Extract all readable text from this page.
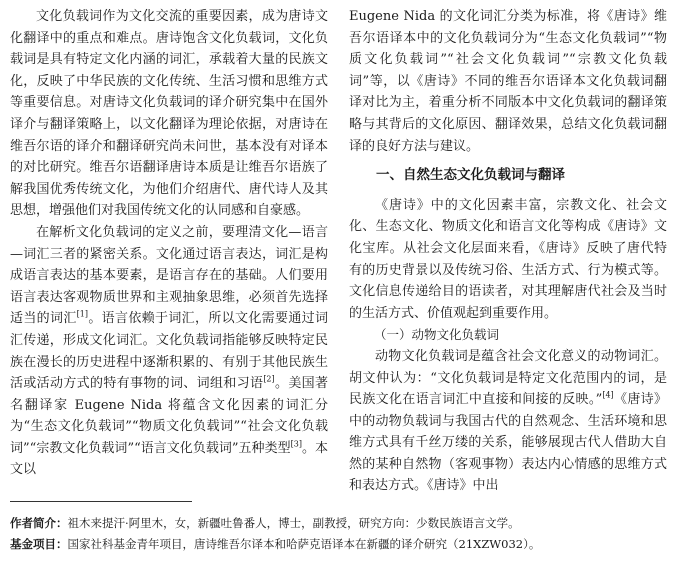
文化负载词作为文化交流的重要因素，成为唐诗文化翻译中的重点和难点。唐诗饱含文化负载词，文化负载词是具有特定文化内涵的词汇，承载着大量的民族文化，反映了中华民族的文化传统、生活习惯和思维方式等重要信息。对唐诗文化负载词的译介研究集中在国外译介与翻译策略上，以文化翻译为理论依据，对唐诗在维吾尔语的译介和翻译研究尚未问世，基本没有对译本的对比研究。维吾尔语翻译唐诗本质是让维吾尔语族了解我国优秀传统文化，为他们介绍唐代、唐代诗人及其思想，增强他们对我国传统文化的认同感和自豪感。

在解析文化负载词的定义之前，要理清文化—语言—词汇三者的紧密关系。文化通过语言表达，词汇是构成语言表达的基本要素，是语言存在的基础。人们要用语言表达客观物质世界和主观抽象思维，必须首先选择适当的词汇[1]。语言依赖于词汇，所以文化需要通过词汇传递，形成文化词汇。文化负载词指能够反映特定民族在漫长的历史进程中逐渐积累的、有别于其他民族生活或活动方式的特有事物的词、词组和习语[2]。美国著名翻译家 Eugene Nida 将蕴含文化因素的词汇分为“生态文化负载词”“物质文化负载词”“社会文化负载词”“宗教文化负载词”“语言文化负载词”五种类型[3]。本文以

Eugene Nida 的文化词汇分类为标准，将《唐诗》维吾尔语译本中的文化负载词分为“生态文化负载词”“物质文化负载词”“社会文化负载词”“宗教文化负载词”等，以《唐诗》不同的维吾尔语译本文化负载词翻译对比为主，着重分析不同版本中文化负载词的翻译策略与其背后的文化原因、翻译效果，总结文化负载词翻译的良好方法与建议。

一、自然生态文化负载词与翻译

《唐诗》中的文化因素丰富，宗教文化、社会文化、生态文化、物质文化和语言文化等构成《唐诗》文化宝库。从社会文化层面来看，《唐诗》反映了唐代特有的历史背景以及传统习俗、生活方式、行为模式等。文化信息传递给目的语读者，对其理解唐代社会及当时的生活方式、价值观起到重要作用。

（一）动物文化负载词

动物文化负载词是蕴含社会文化意义的动物词汇。胡文仲认为：“文化负载词是特定文化范围内的词，是民族文化在语言词汇中直接和间接的反映。”[4]《唐诗》中的动物负载词与我国古代的自然观念、生活环境和思维方式具有千丝万缕的关系，能够展现古代人借助大自然的某种自然物（客观事物）表达内心情感的思维方式和表达方式。《唐诗》中出

作者简介：祖木来提汗·阿里木，女，新疆吐鲁番人，博士，副教授，研究方向：少数民族语言文学。
基金项目：国家社科基金青年项目，唐诗维吾尔译本和哈萨克语译本在新疆的译介研究（21XZW032）。
